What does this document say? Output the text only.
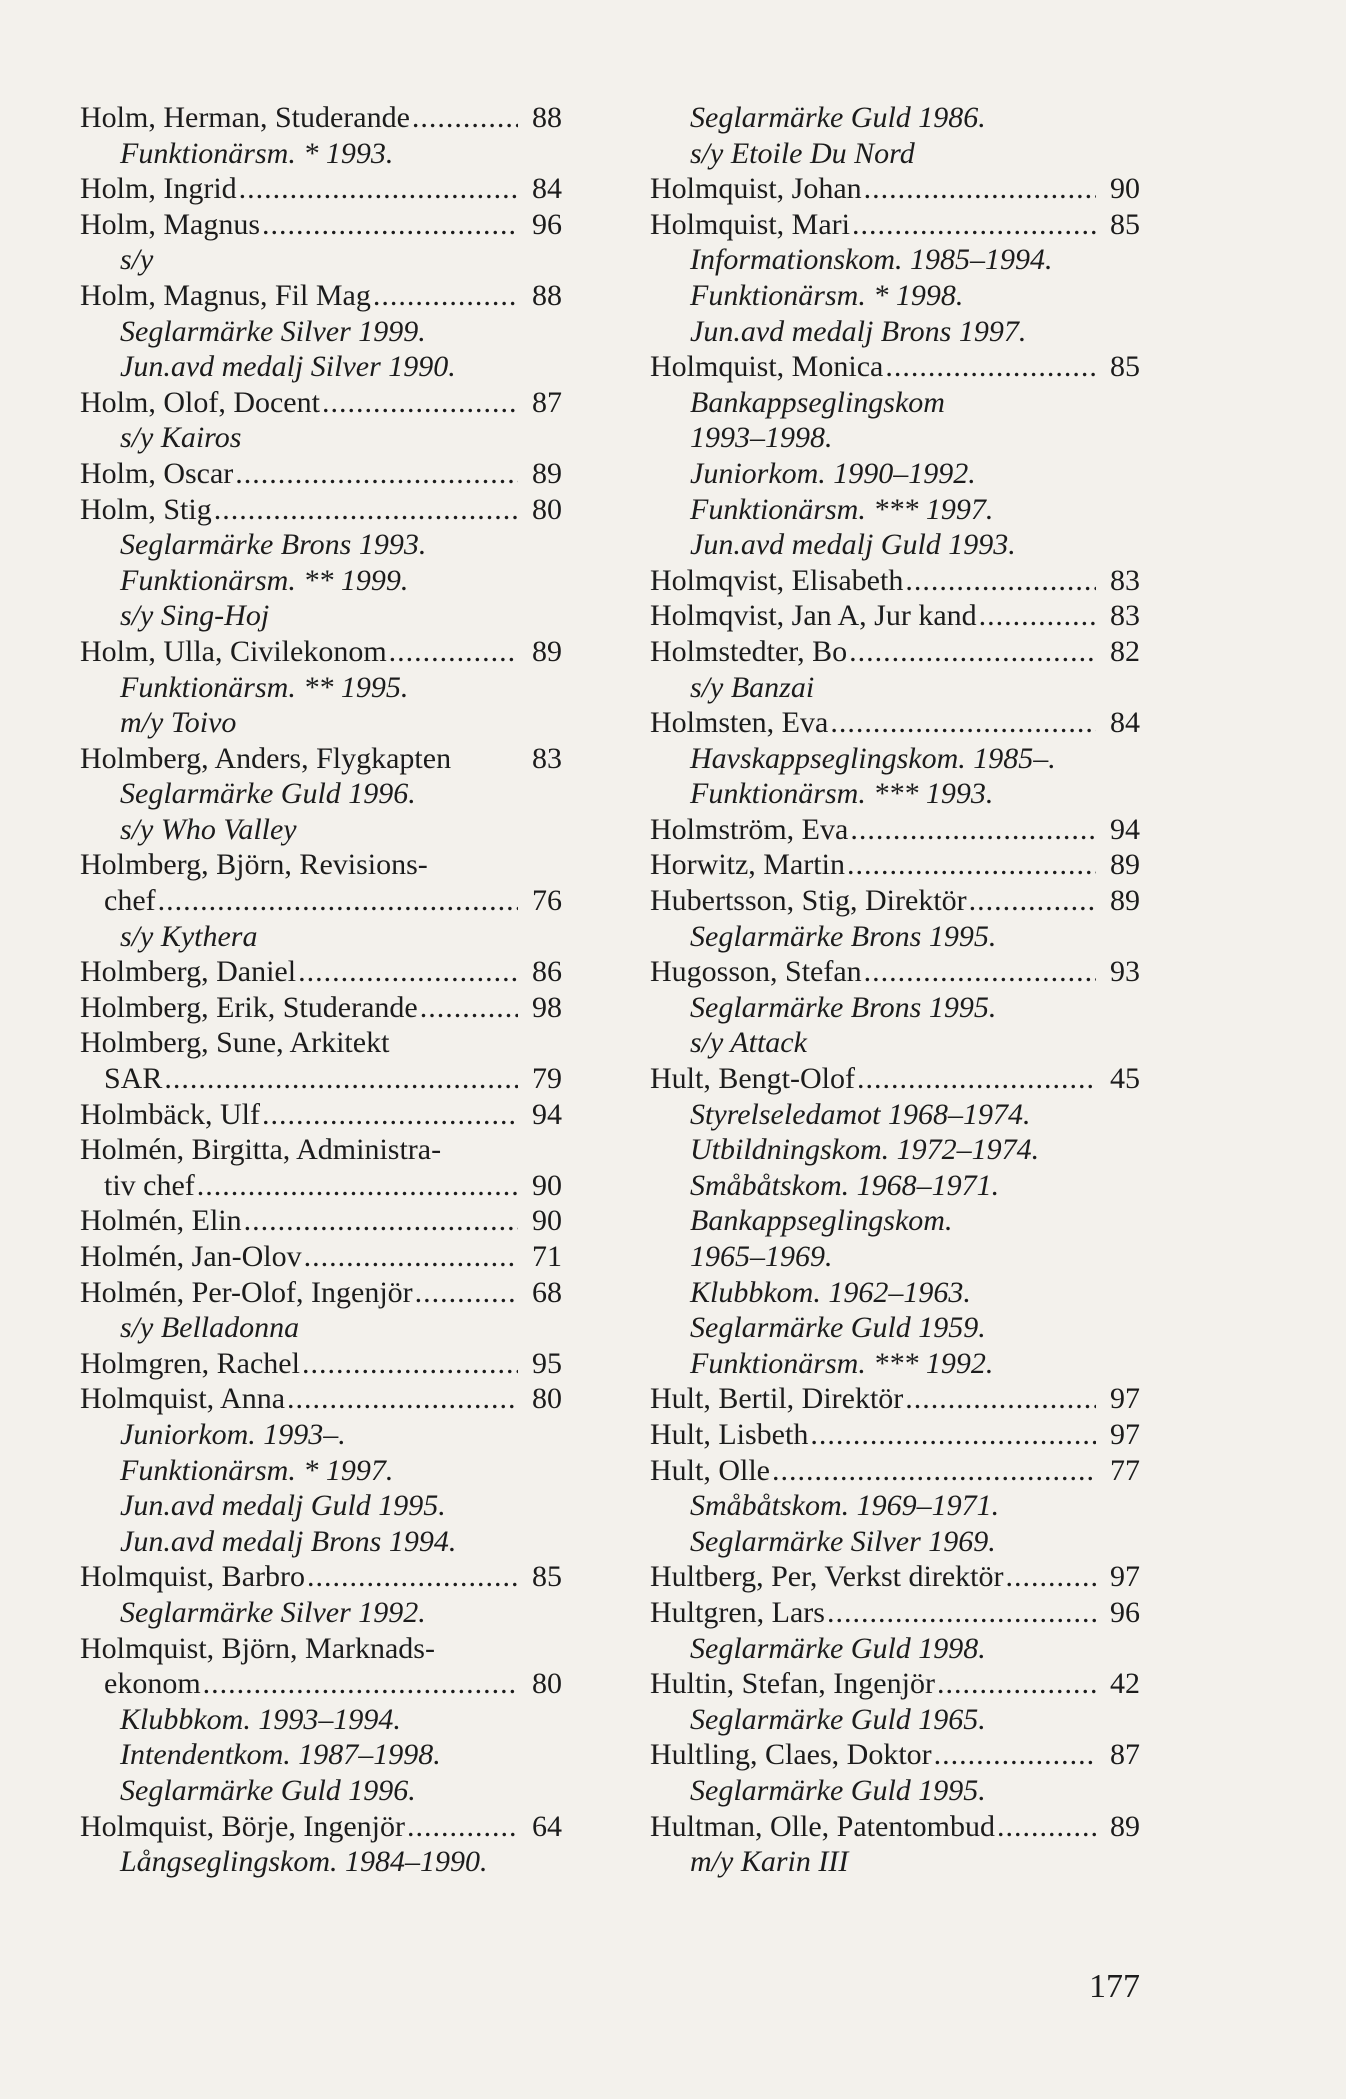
Holm, Herman, Studerande .....	88
Funktionärsm. * 1993.
Holm, Ingrid .....	84
Holm, Magnus .....	96
s/y
Holm, Magnus, Fil Mag .....	88
Seglarmärke Silver 1999.
Jun.avd medalj Silver 1990.
Holm, Olof, Docent .....	87
s/y Kairos
Holm, Oscar .....	89
Holm, Stig .....	80
Seglarmärke Brons 1993.
Funktionärsm. ** 1999.
s/y Sing-Hoj
Holm, Ulla, Civilekonom .....	89
Funktionärsm. ** 1995.
m/y Toivo
Holmberg, Anders, Flygkapten	83
Seglarmärke Guld 1996.
s/y Who Valley
Holmberg, Björn, Revisions-
chef .....	76
s/y Kythera
Holmberg, Daniel .....	86
Holmberg, Erik, Studerande .....	98
Holmberg, Sune, Arkitekt
SAR .....	79
Holmbäck, Ulf .....	94
Holmén, Birgitta, Administra-
tiv chef .....	90
Holmén, Elin .....	90
Holmén, Jan-Olov .....	71
Holmén, Per-Olof, Ingenjör .....	68
s/y Belladonna
Holmgren, Rachel .....	95
Holmquist, Anna .....	80
Juniorkom. 1993–.
Funktionärsm. * 1997.
Jun.avd medalj Guld 1995.
Jun.avd medalj Brons 1994.
Holmquist, Barbro .....	85
Seglarmärke Silver 1992.
Holmquist, Björn, Marknads-
ekonom .....	80
Klubbkom. 1993–1994.
Intendentkom. 1987–1998.
Seglarmärke Guld 1996.
Holmquist, Börje, Ingenjör .....	64
Långseglingskom. 1984–1990.
Seglarmärke Guld 1986.
s/y Etoile Du Nord
Holmquist, Johan .....	90
Holmquist, Mari .....	85
Informationskom. 1985–1994.
Funktionärsm. * 1998.
Jun.avd medalj Brons 1997.
Holmquist, Monica .....	85
Bankappseglingskom
1993–1998.
Juniorkom. 1990–1992.
Funktionärsm. *** 1997.
Jun.avd medalj Guld 1993.
Holmqvist, Elisabeth .....	83
Holmqvist, Jan A, Jur kand .....	83
Holmstedter, Bo .....	82
s/y Banzai
Holmsten, Eva .....	84
Havskappseglingskom. 1985–.
Funktionärsm. *** 1993.
Holmström, Eva .....	94
Horwitz, Martin .....	89
Hubertsson, Stig, Direktör .....	89
Seglarmärke Brons 1995.
Hugosson, Stefan .....	93
Seglarmärke Brons 1995.
s/y Attack
Hult, Bengt-Olof .....	45
Styrelseledamot 1968–1974.
Utbildningskom. 1972–1974.
Småbåtskom. 1968–1971.
Bankappseglingskom.
1965–1969.
Klubbkom. 1962–1963.
Seglarmärke Guld 1959.
Funktionärsm. *** 1992.
Hult, Bertil, Direktör .....	97
Hult, Lisbeth .....	97
Hult, Olle .....	77
Småbåtskom. 1969–1971.
Seglarmärke Silver 1969.
Hultberg, Per, Verkst direktör .....	97
Hultgren, Lars .....	96
Seglarmärke Guld 1998.
Hultin, Stefan, Ingenjör .....	42
Seglarmärke Guld 1965.
Hultling, Claes, Doktor .....	87
Seglarmärke Guld 1995.
Hultman, Olle, Patentombud .....	89
m/y Karin III
177
